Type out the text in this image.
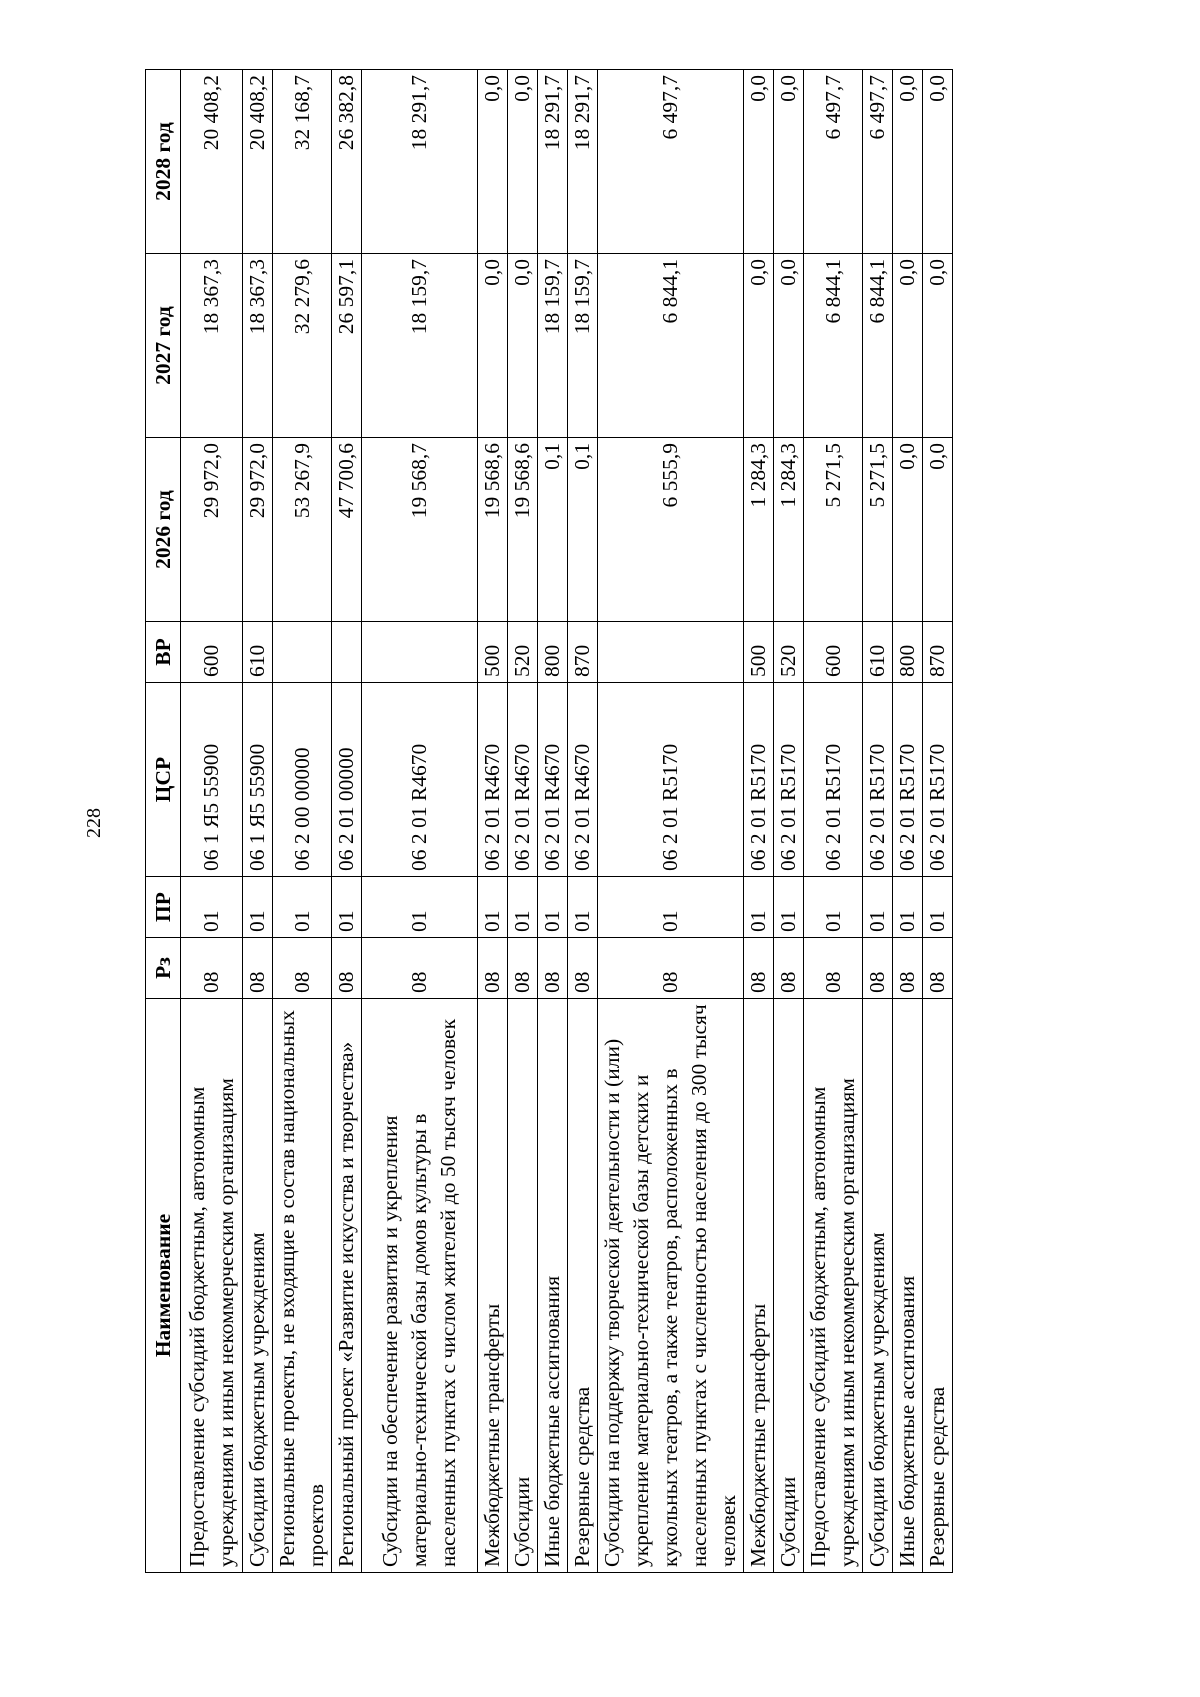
228
Наименование	Рз	ПР	ЦСР	ВР	2026 год	2027 год	2028 год
Предоставление субсидий бюджетным, автономным учреждениям и иным некоммерческим организациям	08	01	06 1 Я5 55900	600	29 972,0	18 367,3	20 408,2
Субсидии бюджетным учреждениям	08	01	06 1 Я5 55900	610	29 972,0	18 367,3	20 408,2
Региональные проекты, не входящие в состав национальных проектов	08	01	06 2 00 00000		53 267,9	32 279,6	32 168,7
Региональный проект «Развитие искусства и творчества»	08	01	06 2 01 00000		47 700,6	26 597,1	26 382,8
Субсидии на обеспечение развития и укрепления материально-технической базы домов культуры в населенных пунктах с числом жителей до 50 тысяч человек	08	01	06 2 01 R4670		19 568,7	18 159,7	18 291,7
Межбюджетные трансферты	08	01	06 2 01 R4670	500	19 568,6	0,0	0,0
Субсидии	08	01	06 2 01 R4670	520	19 568,6	0,0	0,0
Иные бюджетные ассигнования	08	01	06 2 01 R4670	800	0,1	18 159,7	18 291,7
Резервные средства	08	01	06 2 01 R4670	870	0,1	18 159,7	18 291,7
Субсидии на поддержку творческой деятельности и (или) укрепление материально-технической базы детских и кукольных театров, а также театров, расположенных в населенных пунктах с численностью населения до 300 тысяч человек	08	01	06 2 01 R5170		6 555,9	6 844,1	6 497,7
Межбюджетные трансферты	08	01	06 2 01 R5170	500	1 284,3	0,0	0,0
Субсидии	08	01	06 2 01 R5170	520	1 284,3	0,0	0,0
Предоставление субсидий бюджетным, автономным учреждениям и иным некоммерческим организациям	08	01	06 2 01 R5170	600	5 271,5	6 844,1	6 497,7
Субсидии бюджетным учреждениям	08	01	06 2 01 R5170	610	5 271,5	6 844,1	6 497,7
Иные бюджетные ассигнования	08	01	06 2 01 R5170	800	0,0	0,0	0,0
Резервные средства	08	01	06 2 01 R5170	870	0,0	0,0	0,0
